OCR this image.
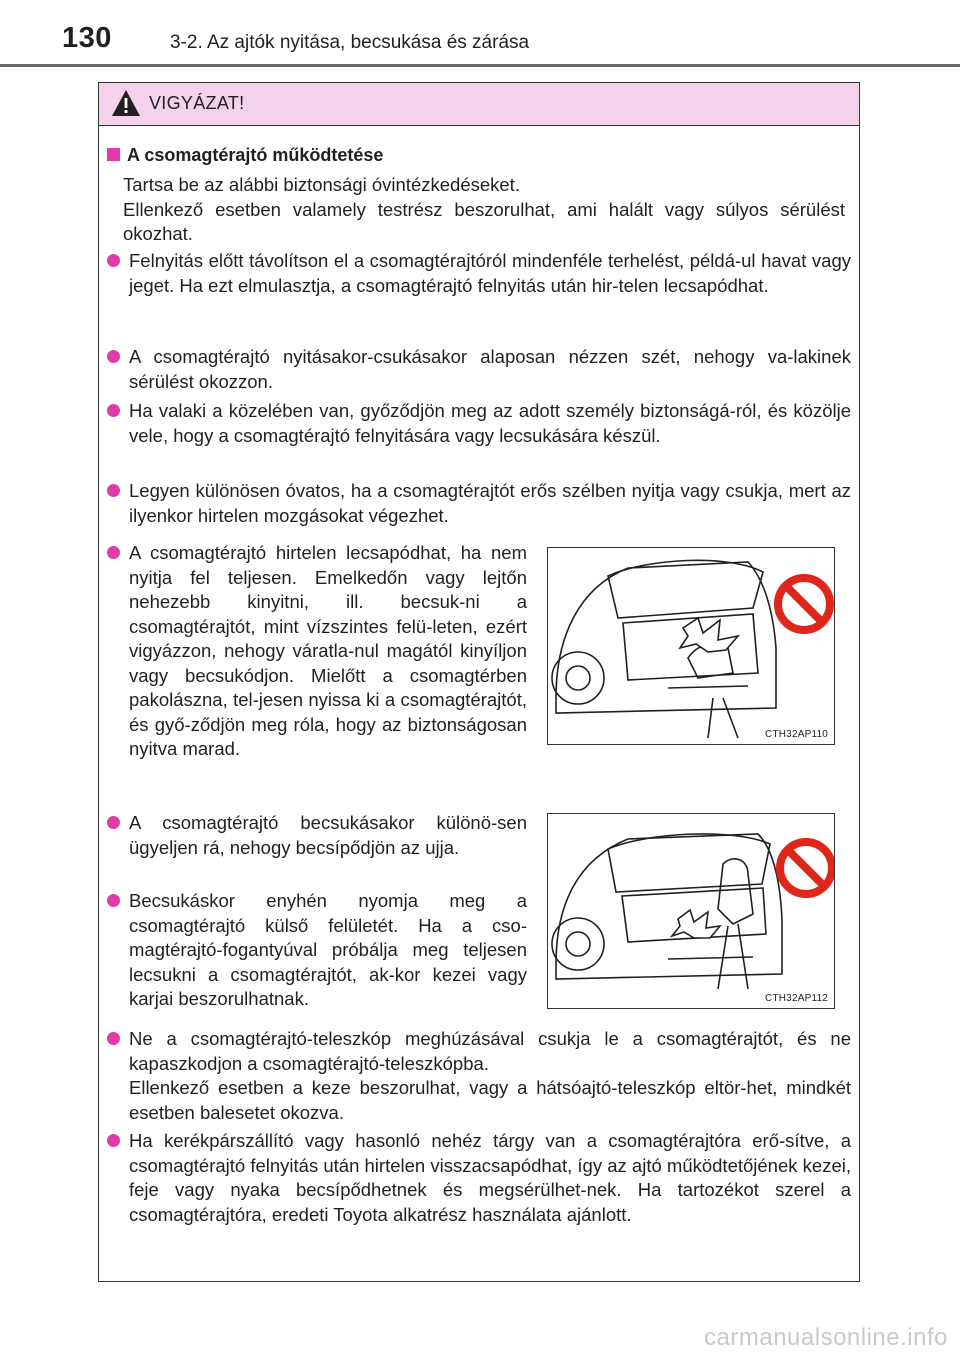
130	3-2. Az ajtók nyitása, becsukása és zárása
VIGYÁZAT!
A csomagtérajtó működtetése

Tartsa be az alábbi biztonsági óvintézkedéseket.
Ellenkező esetben valamely testrész beszorulhat, ami halált vagy súlyos sérülést okozhat.

Felnyitás előtt távolítson el a csomagtérajtóról mindenféle terhelést, példá-ul havat vagy jeget. Ha ezt elmulasztja, a csomagtérajtó felnyitás után hir-telen lecsapódhat.

A csomagtérajtó nyitásakor-csukásakor alaposan nézzen szét, nehogy va-lakinek sérülést okozzon.

Ha valaki a közelében van, győződjön meg az adott személy biztonságá-ról, és közölje vele, hogy a csomagtérajtó felnyitására vagy lecsukására készül.

Legyen különösen óvatos, ha a csomagtérajtót erős szélben nyitja vagy csukja, mert az ilyenkor hirtelen mozgásokat végezhet.

A csomagtérajtó hirtelen lecsapódhat, ha nem nyitja fel teljesen. Emelkedőn vagy lejtőn nehezebb kinyitni, ill. becsuk-ni a csomagtérajtót, mint vízszintes felü-leten, ezért vigyázzon, nehogy váratla-nul magától kinyíljon vagy becsukódjon. Mielőtt a csomagtérben pakolászna, tel-jesen nyissa ki a csomagtérajtót, és győ-ződjön meg róla, hogy az biztonságosan nyitva marad.

CTH32AP110

A csomagtérajtó becsukásakor különö-sen ügyeljen rá, nehogy becsípődjön az ujja.

Becsukáskor enyhén nyomja meg a csomagtérajtó külső felületét. Ha a cso-magtérajtó-fogantyúval próbálja meg teljesen lecsukni a csomagtérajtót, ak-kor kezei vagy karjai beszorulhatnak.	CTH32AP112

Ne a csomagtérajtó-teleszkóp meghúzásával csukja le a csomagtérajtót, és ne kapaszkodjon a csomagtérajtó-teleszkópba.
Ellenkező esetben a keze beszorulhat, vagy a hátsóajtó-teleszkóp eltör-het, mindkét esetben balesetet okozva.

Ha kerékpárszállító vagy hasonló nehéz tárgy van a csomagtérajtóra erő-sítve, a csomagtérajtó felnyitás után hirtelen visszacsapódhat, így az ajtó működtetőjének kezei, feje vagy nyaka becsípődhetnek és megsérülhet-nek. Ha tartozékot szerel a csomagtérajtóra, eredeti Toyota alkatrész használata ajánlott.

carmanualsonline.info
